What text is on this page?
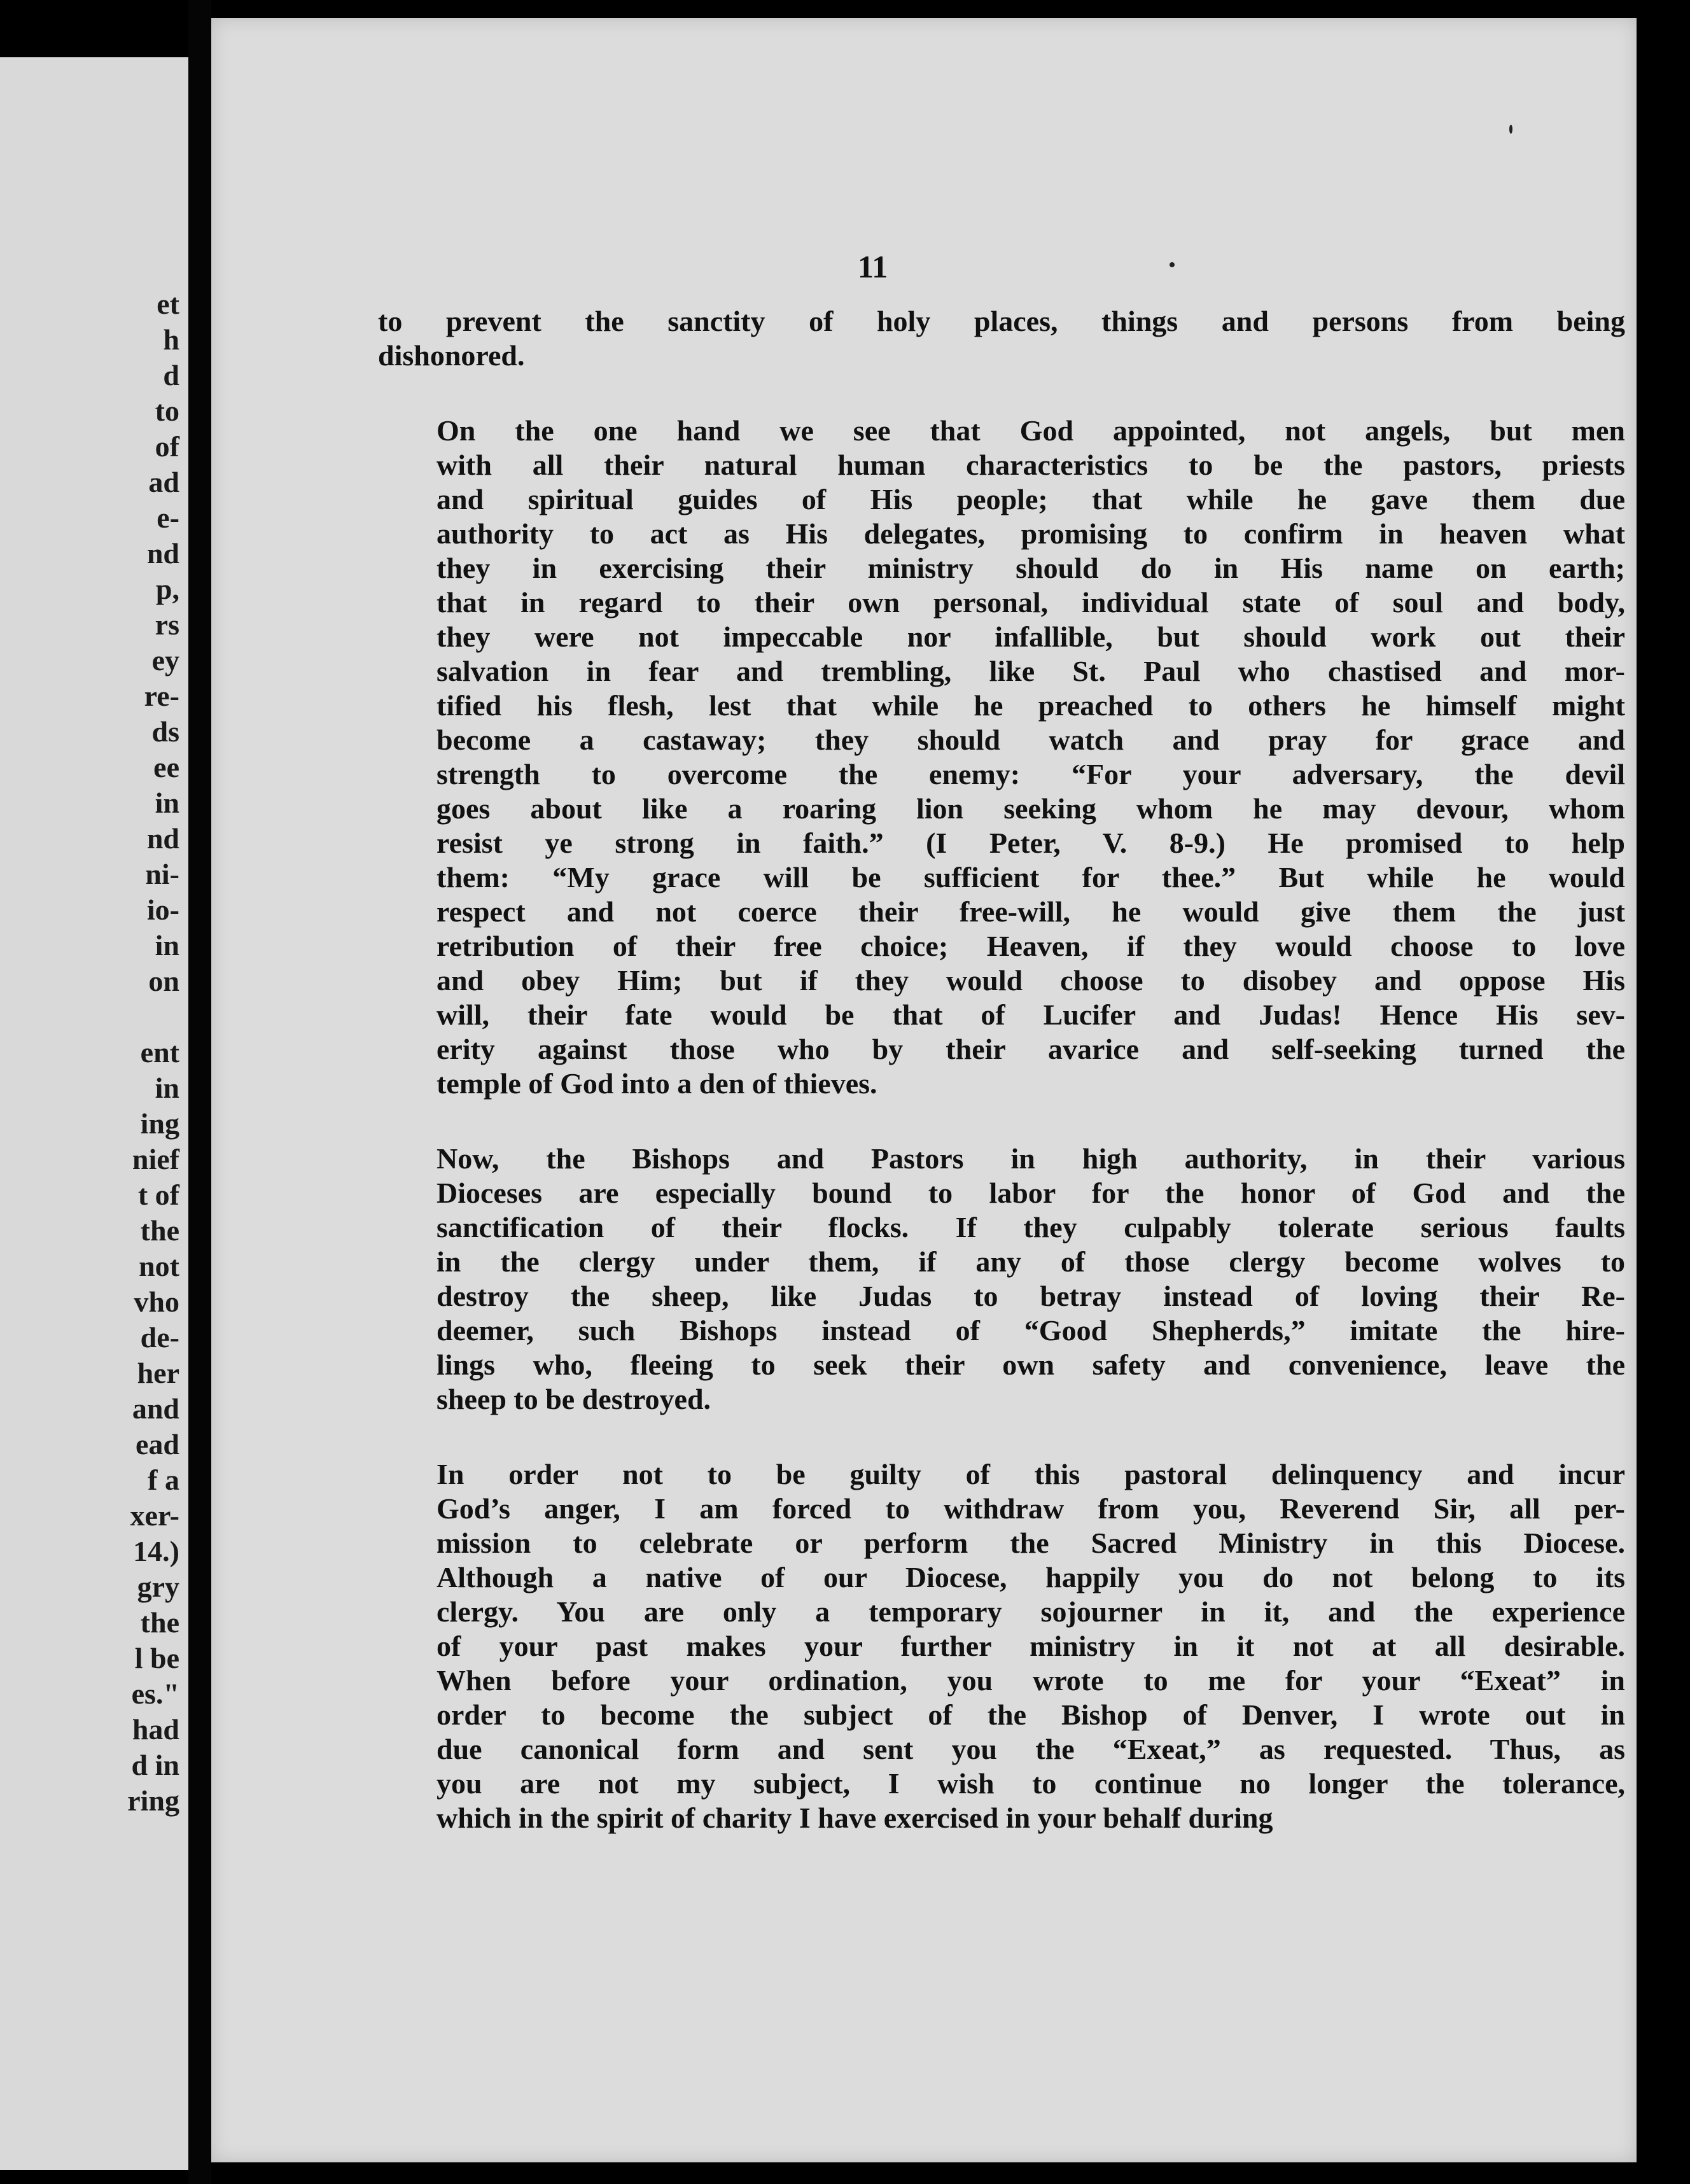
et
h
d
to
of
ad
e-
nd
p,
rs
ey
re-
ds
ee
in
nd
ni-
io-
in
on
ent
in
ing
nief
t of
the
not
vho
de-
her
and
ead
f a
xer-
14.)
gry
the
l be
es."
had
d in
ring
11
to prevent the sanctity of holy places, things and persons from being
dishonored.
On the one hand we see that God appointed, not angels, but men
with all their natural human characteristics to be the pastors, priests
and spiritual guides of His people; that while he gave them due
authority to act as His delegates, promising to confirm in heaven what
they in exercising their ministry should do in His name on earth;
that in regard to their own personal, individual state of soul and body,
they were not impeccable nor infallible, but should work out their
salvation in fear and trembling, like St. Paul who chastised and mor-
tified his flesh, lest that while he preached to others he himself might
become a castaway; they should watch and pray for grace and
strength to overcome the enemy: “For your adversary, the devil
goes about like a roaring lion seeking whom he may devour, whom
resist ye strong in faith.” (I Peter, V. 8-9.) He promised to help
them: “My grace will be sufficient for thee.” But while he would
respect and not coerce their free-will, he would give them the just
retribution of their free choice; Heaven, if they would choose to love
and obey Him; but if they would choose to disobey and oppose His
will, their fate would be that of Lucifer and Judas! Hence His sev-
erity against those who by their avarice and self-seeking turned the
temple of God into a den of thieves.
Now, the Bishops and Pastors in high authority, in their various
Dioceses are especially bound to labor for the honor of God and the
sanctification of their flocks. If they culpably tolerate serious faults
in the clergy under them, if any of those clergy become wolves to
destroy the sheep, like Judas to betray instead of loving their Re-
deemer, such Bishops instead of “Good Shepherds,” imitate the hire-
lings who, fleeing to seek their own safety and convenience, leave the
sheep to be destroyed.
In order not to be guilty of this pastoral delinquency and incur
God’s anger, I am forced to withdraw from you, Reverend Sir, all per-
mission to celebrate or perform the Sacred Ministry in this Diocese.
Although a native of our Diocese, happily you do not belong to its
clergy. You are only a temporary sojourner in it, and the experience
of your past makes your further ministry in it not at all desirable.
When before your ordination, you wrote to me for your “Exeat” in
order to become the subject of the Bishop of Denver, I wrote out in
due canonical form and sent you the “Exeat,” as requested. Thus, as
you are not my subject, I wish to continue no longer the tolerance,
which in the spirit of charity I have exercised in your behalf during
